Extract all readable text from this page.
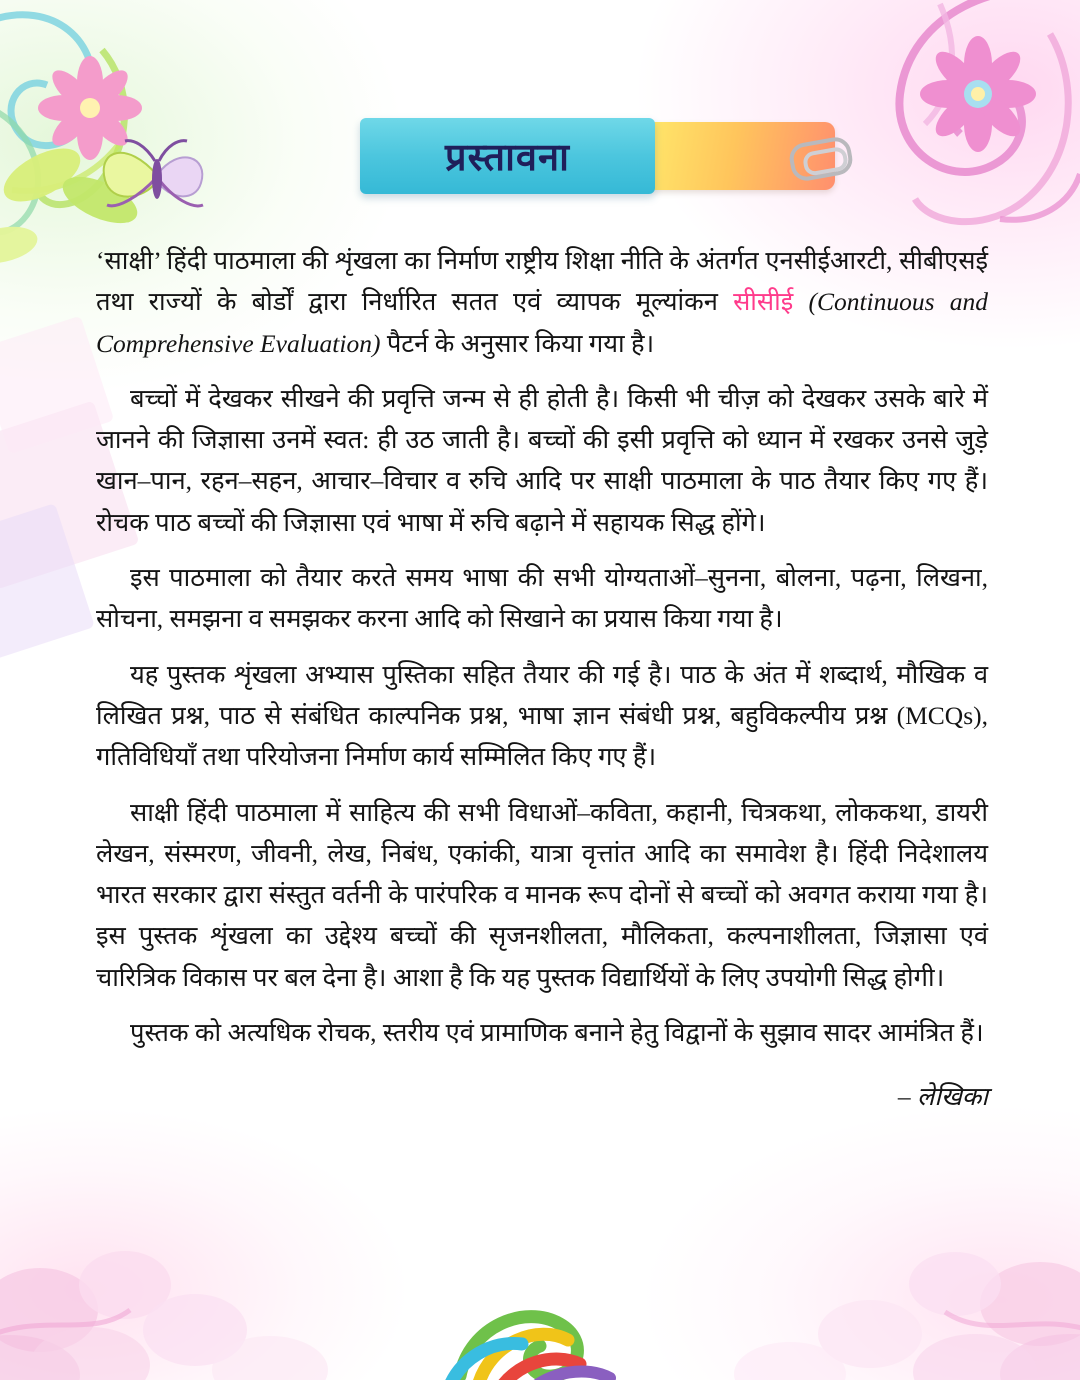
प्रस्तावना

‘साक्षी’ हिंदी पाठमाला की शृंखला का निर्माण राष्ट्रीय शिक्षा नीति के अंतर्गत एनसीईआरटी, सीबीएसई तथा राज्यों के बोर्डों द्वारा निर्धारित सतत एवं व्यापक मूल्यांकन सीसीई (Continuous and Comprehensive Evaluation) पैटर्न के अनुसार किया गया है।

बच्चों में देखकर सीखने की प्रवृत्ति जन्म से ही होती है। किसी भी चीज़ को देखकर उसके बारे में जानने की जिज्ञासा उनमें स्वत: ही उठ जाती है। बच्चों की इसी प्रवृत्ति को ध्यान में रखकर उनसे जुड़े खान–पान, रहन–सहन, आचार–विचार व रुचि आदि पर साक्षी पाठमाला के पाठ तैयार किए गए हैं। रोचक पाठ बच्चों की जिज्ञासा एवं भाषा में रुचि बढ़ाने में सहायक सिद्ध होंगे।

इस पाठमाला को तैयार करते समय भाषा की सभी योग्यताओं–सुनना, बोलना, पढ़ना, लिखना, सोचना, समझना व समझकर करना आदि को सिखाने का प्रयास किया गया है।

यह पुस्तक शृंखला अभ्यास पुस्तिका सहित तैयार की गई है। पाठ के अंत में शब्दार्थ, मौखिक व लिखित प्रश्न, पाठ से संबंधित काल्पनिक प्रश्न, भाषा ज्ञान संबंधी प्रश्न, बहुविकल्पीय प्रश्न (MCQs), गतिविधियाँ तथा परियोजना निर्माण कार्य सम्मिलित किए गए हैं।

साक्षी हिंदी पाठमाला में साहित्य की सभी विधाओं–कविता, कहानी, चित्रकथा, लोककथा, डायरी लेखन, संस्मरण, जीवनी, लेख, निबंध, एकांकी, यात्रा वृत्तांत आदि का समावेश है। हिंदी निदेशालय भारत सरकार द्वारा संस्तुत वर्तनी के पारंपरिक व मानक रूप दोनों से बच्चों को अवगत कराया गया है। इस पुस्तक शृंखला का उद्देश्य बच्चों की सृजनशीलता, मौलिकता, कल्पनाशीलता, जिज्ञासा एवं चारित्रिक विकास पर बल देना है। आशा है कि यह पुस्तक विद्यार्थियों के लिए उपयोगी सिद्ध होगी।

पुस्तक को अत्यधिक रोचक, स्तरीय एवं प्रामाणिक बनाने हेतु विद्वानों के सुझाव सादर आमंत्रित हैं।

– लेखिका
